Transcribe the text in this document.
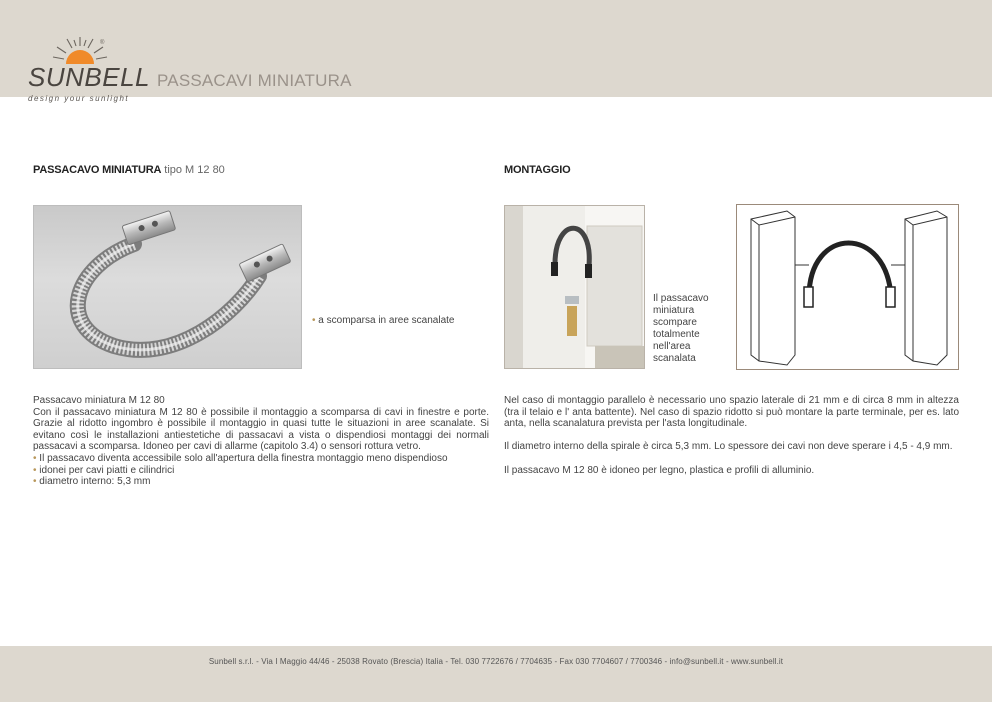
®
SUNBELL
design your sunlight
PASSACAVI MINIATURA
PASSACAVO MINIATURA tipo M 12 80
• a scomparsa in aree scanalate

Passacavo miniatura M 12 80

Con il passacavo miniatura M 12 80 è possibile il montaggio a scomparsa di cavi in finestre e porte. Grazie al ridotto ingombro è possibile il montaggio in quasi tutte le situazioni in aree scanalate. Si evitano così le installazioni antiestetiche di passacavi a vista o dispendiosi montaggi dei normali passacavi a scomparsa. Idoneo per cavi di allarme (capitolo 3.4) o sensori rottura vetro.

• Il passacavo diventa accessibile solo all'apertura della finestra montaggio meno dispendioso

• idonei per cavi piatti e cilindrici

• diametro interno: 5,3 mm

MONTAGGIO
Il passacavo miniatura scompare totalmente nell'area scanalata

Nel caso di montaggio parallelo è necessario uno spazio laterale di 21 mm e di circa 8 mm in altezza (tra il telaio e l' anta battente). Nel caso di spazio ridotto si può montare la parte terminale, per es. lato anta, nella scanalatura prevista per l'asta longitudinale.

Il diametro interno della spirale è circa 5,3 mm. Lo spessore dei cavi non deve sperare i 4,5 - 4,9 mm.

Il passacavo M 12 80 è idoneo per legno, plastica e profili di alluminio.

Sunbell s.r.l. - Via I Maggio 44/46 - 25038 Rovato (Brescia) Italia - Tel. 030 7722676 / 7704635 - Fax 030 7704607 / 7700346 - info@sunbell.it - www.sunbell.it
